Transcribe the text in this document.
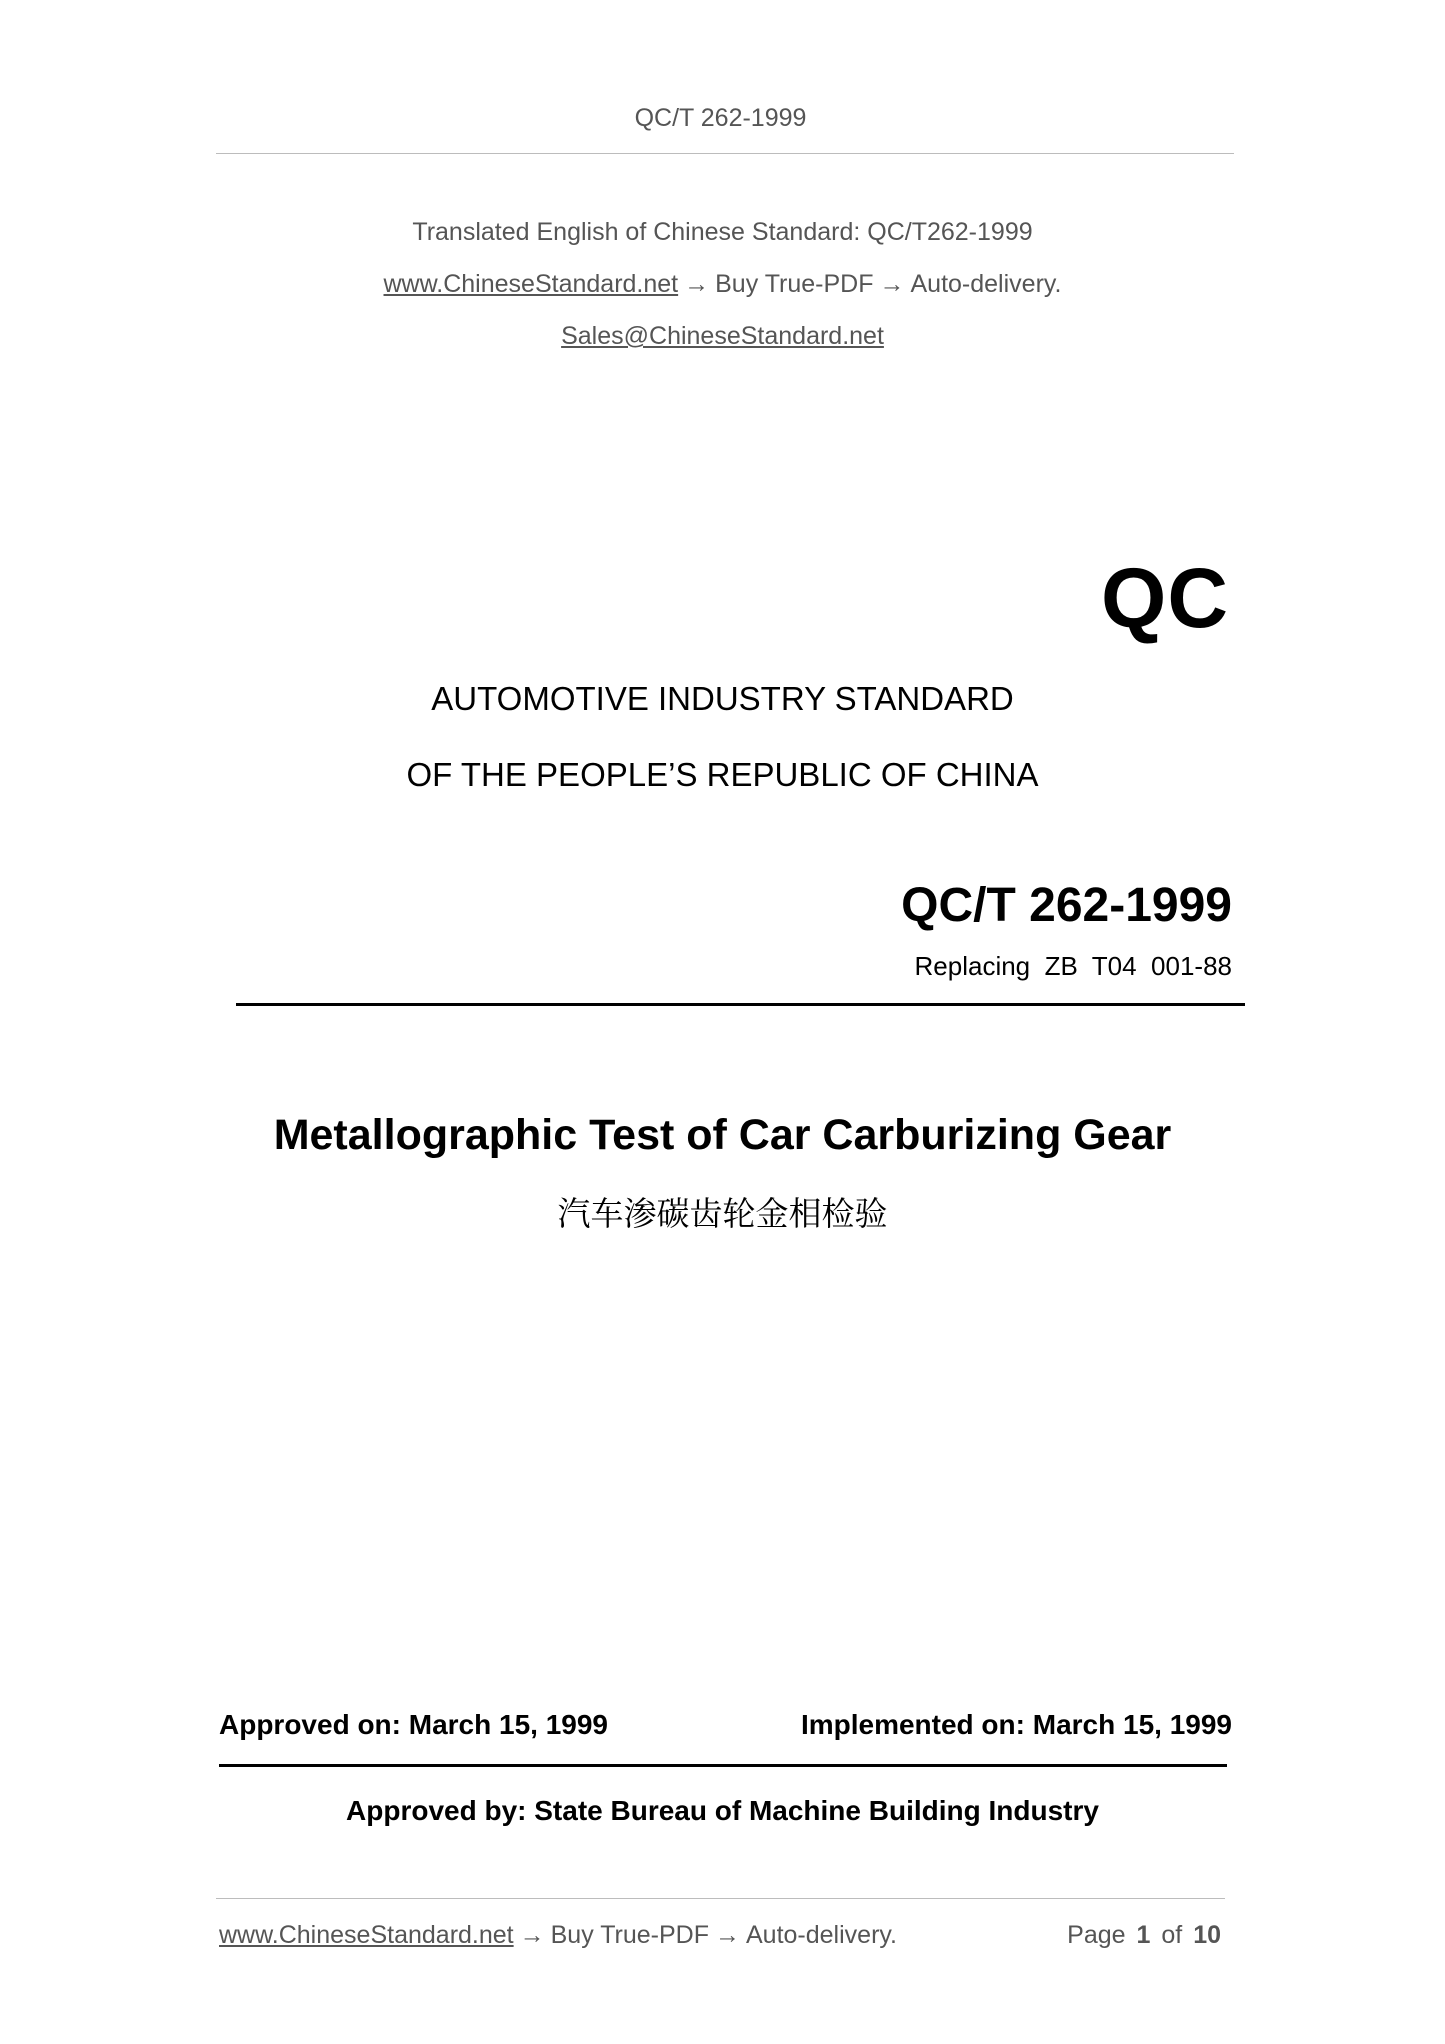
QC/T 262-1999
Translated English of Chinese Standard: QC/T262-1999
www.ChineseStandard.net → Buy True-PDF → Auto-delivery.
Sales@ChineseStandard.net
QC
AUTOMOTIVE INDUSTRY STANDARD
OF THE PEOPLE’S REPUBLIC OF CHINA
QC/T 262-1999
Replacing  ZB  T04  001-88
Metallographic Test of Car Carburizing Gear
汽车渗碳齿轮金相检验
Approved on: March 15, 1999	Implemented on: March 15, 1999
Approved by: State Bureau of Machine Building Industry
www.ChineseStandard.net → Buy True-PDF → Auto-delivery.	Page 1 of 10
